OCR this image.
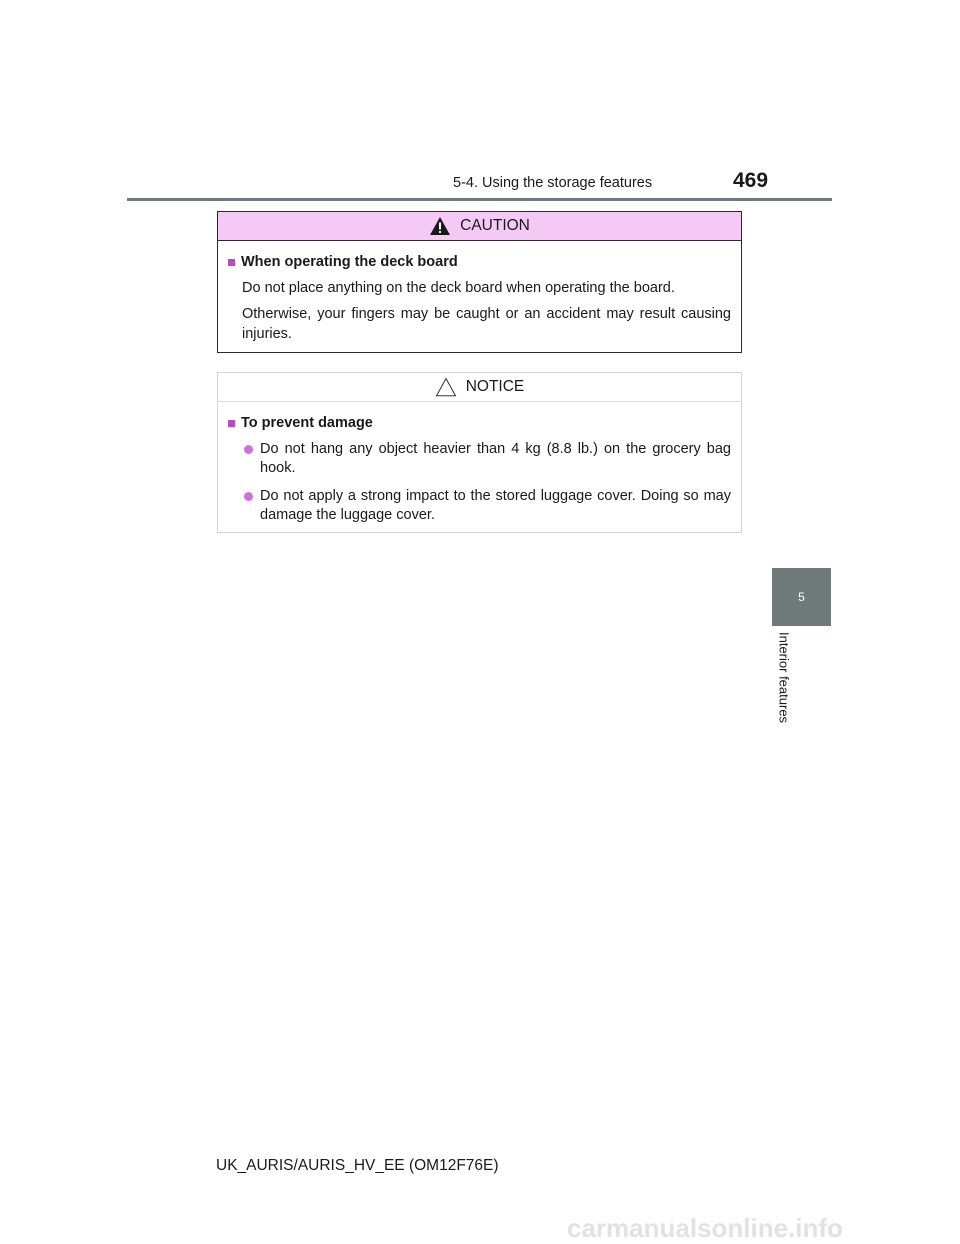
5-4. Using the storage features	469
CAUTION
When operating the deck board

Do not place anything on the deck board when operating the board.

Otherwise, your fingers may be caught or an accident may result causing injuries.

NOTICE
To prevent damage
Do not hang any object heavier than 4 kg (8.8 lb.) on the grocery bag hook.
Do not apply a strong impact to the stored luggage cover. Doing so may damage the luggage cover.
5
Interior features
UK_AURIS/AURIS_HV_EE (OM12F76E)
carmanualsonline.info
